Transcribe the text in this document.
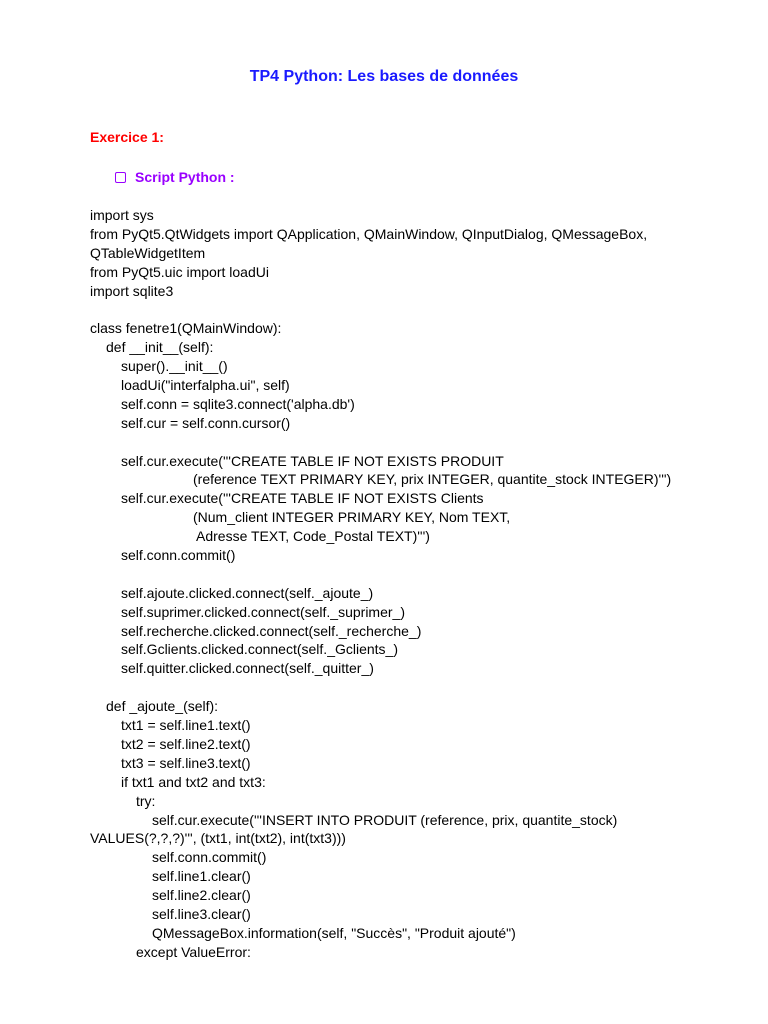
TP4 Python: Les bases de données
Exercice 1:
Script Python :
import sys
from PyQt5.QtWidgets import QApplication, QMainWindow, QInputDialog, QMessageBox,
QTableWidgetItem
from PyQt5.uic import loadUi
import sqlite3
class fenetre1(QMainWindow):
def __init__(self):
super().__init__()
loadUi("interfalpha.ui", self)
self.conn = sqlite3.connect('alpha.db')
self.cur = self.conn.cursor()
self.cur.execute('''CREATE TABLE IF NOT EXISTS PRODUIT
(reference TEXT PRIMARY KEY, prix INTEGER, quantite_stock INTEGER)''')
self.cur.execute('''CREATE TABLE IF NOT EXISTS Clients
(Num_client INTEGER PRIMARY KEY, Nom TEXT,
Adresse TEXT, Code_Postal TEXT)''')
self.conn.commit()
self.ajoute.clicked.connect(self._ajoute_)
self.suprimer.clicked.connect(self._suprimer_)
self.recherche.clicked.connect(self._recherche_)
self.Gclients.clicked.connect(self._Gclients_)
self.quitter.clicked.connect(self._quitter_)
def _ajoute_(self):
txt1 = self.line1.text()
txt2 = self.line2.text()
txt3 = self.line3.text()
if txt1 and txt2 and txt3:
try:
self.cur.execute('''INSERT INTO PRODUIT (reference, prix, quantite_stock)
VALUES(?,?,?)''', (txt1, int(txt2), int(txt3)))
self.conn.commit()
self.line1.clear()
self.line2.clear()
self.line3.clear()
QMessageBox.information(self, "Succès", "Produit ajouté")
except ValueError:
